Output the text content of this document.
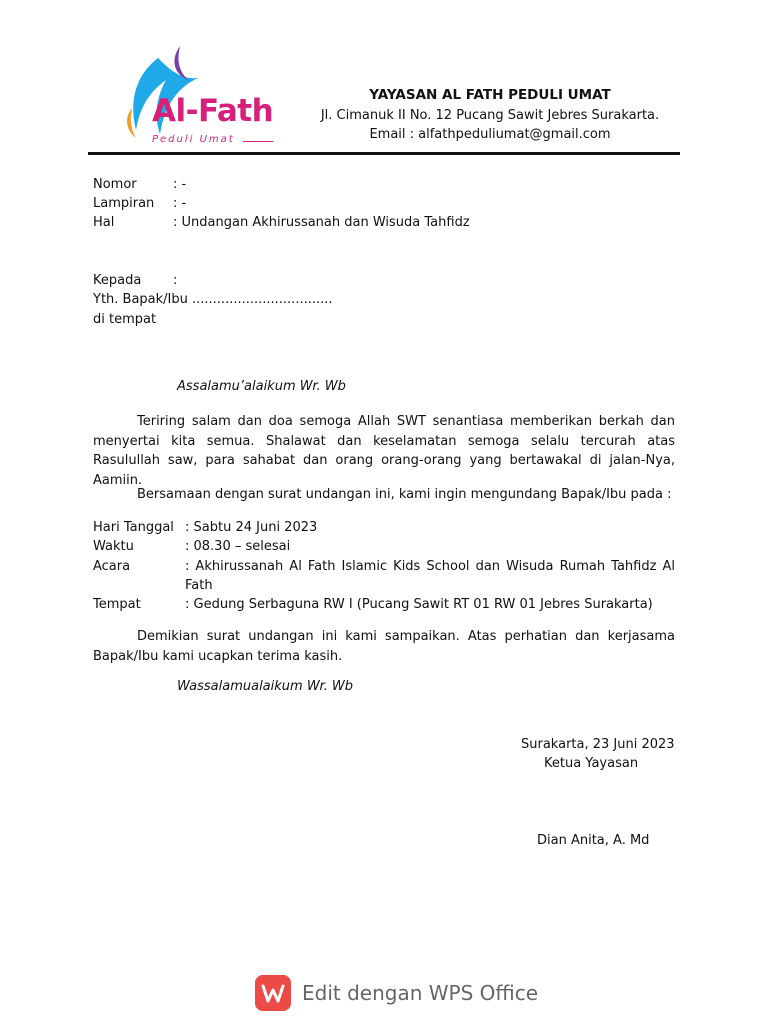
Al-Fath
Peduli Umat
YAYASAN AL FATH PEDULI UMAT
Jl. Cimanuk II No. 12 Pucang Sawit Jebres Surakarta.
Email : alfathpeduliumat@gmail.com
Nomor	: -
Lampiran : -
Hal	: Undangan Akhirussanah dan Wisuda Tahfidz
Kepada :
Yth. Bapak/Ibu ..................................
di tempat
Assalamu’alaikum Wr. Wb
Teriring salam dan doa semoga Allah SWT senantiasa memberikan berkah dan menyertai kita semua. Shalawat dan keselamatan semoga selalu tercurah atas Rasulullah saw, para sahabat dan orang orang-orang yang bertawakal di jalan-Nya, Aamiin.
Bersamaan dengan surat undangan ini, kami ingin mengundang Bapak/Ibu pada :
Hari Tanggal : Sabtu 24 Juni 2023
Waktu	: 08.30 – selesai
Acara	: Akhirussanah Al Fath Islamic Kids School dan Wisuda Rumah Tahfidz Al Fath
Tempat	: Gedung Serbaguna RW I (Pucang Sawit RT 01 RW 01 Jebres Surakarta)
Demikian surat undangan ini kami sampaikan. Atas perhatian dan kerjasama Bapak/Ibu kami ucapkan terima kasih.
Wassalamualaikum Wr. Wb
Surakarta, 23 Juni 2023
Ketua Yayasan
Dian Anita, A. Md
Edit dengan WPS Office
